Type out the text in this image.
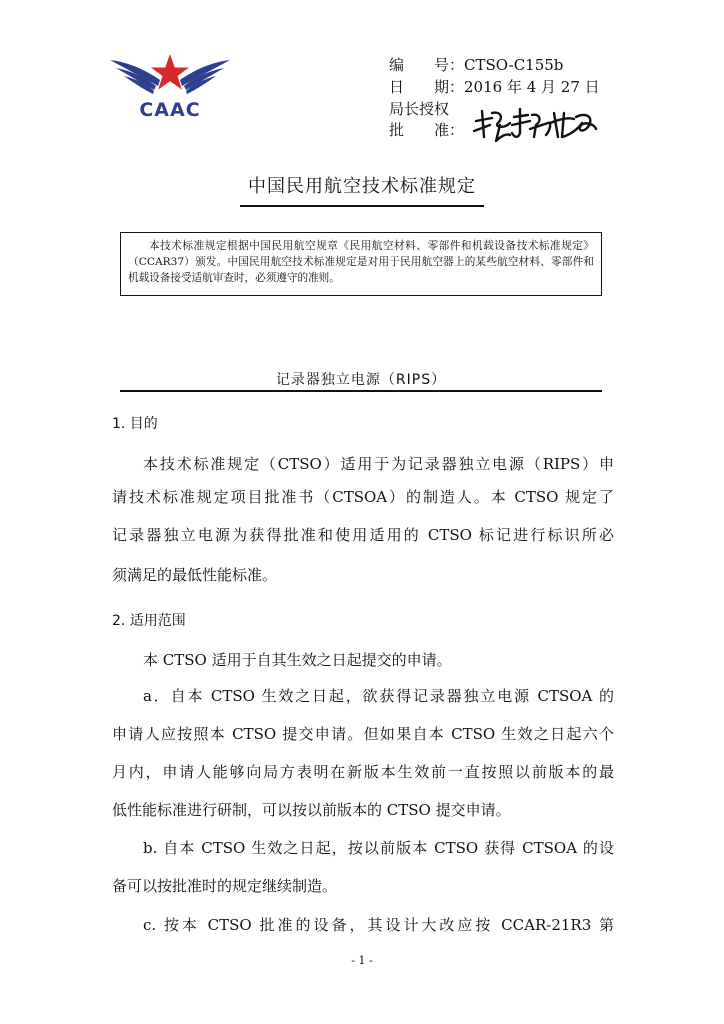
CAAC
编　　号：CTSO-C155b
日　　期：2016 年 4 月 27 日
局长授权
批　　准：
中国民用航空技术标准规定
本技术标准规定根据中国民用航空规章《民用航空材料、零部件和机载设备技术标准规定》（CCAR37）颁发。中国民用航空技术标准规定是对用于民用航空器上的某些航空材料、零部件和机载设备接受适航审查时，必须遵守的准则。
记录器独立电源（RIPS）
1. 目的
本技术标准规定（CTSO）适用于为记录器独立电源（RIPS）申
请技术标准规定项目批准书（CTSOA）的制造人。本 CTSO 规定了
记录器独立电源为获得批准和使用适用的 CTSO 标记进行标识所必
须满足的最低性能标准。
2. 适用范围
本 CTSO 适用于自其生效之日起提交的申请。
a．自本 CTSO 生效之日起，欲获得记录器独立电源 CTSOA 的
申请人应按照本 CTSO 提交申请。但如果自本 CTSO 生效之日起六个
月内，申请人能够向局方表明在新版本生效前一直按照以前版本的最
低性能标准进行研制，可以按以前版本的 CTSO 提交申请。
b. 自本 CTSO 生效之日起，按以前版本 CTSO 获得 CTSOA 的设
备可以按批准时的规定继续制造。
c. 按本 CTSO 批准的设备，其设计大改应按 CCAR-21R3 第
- 1 -
